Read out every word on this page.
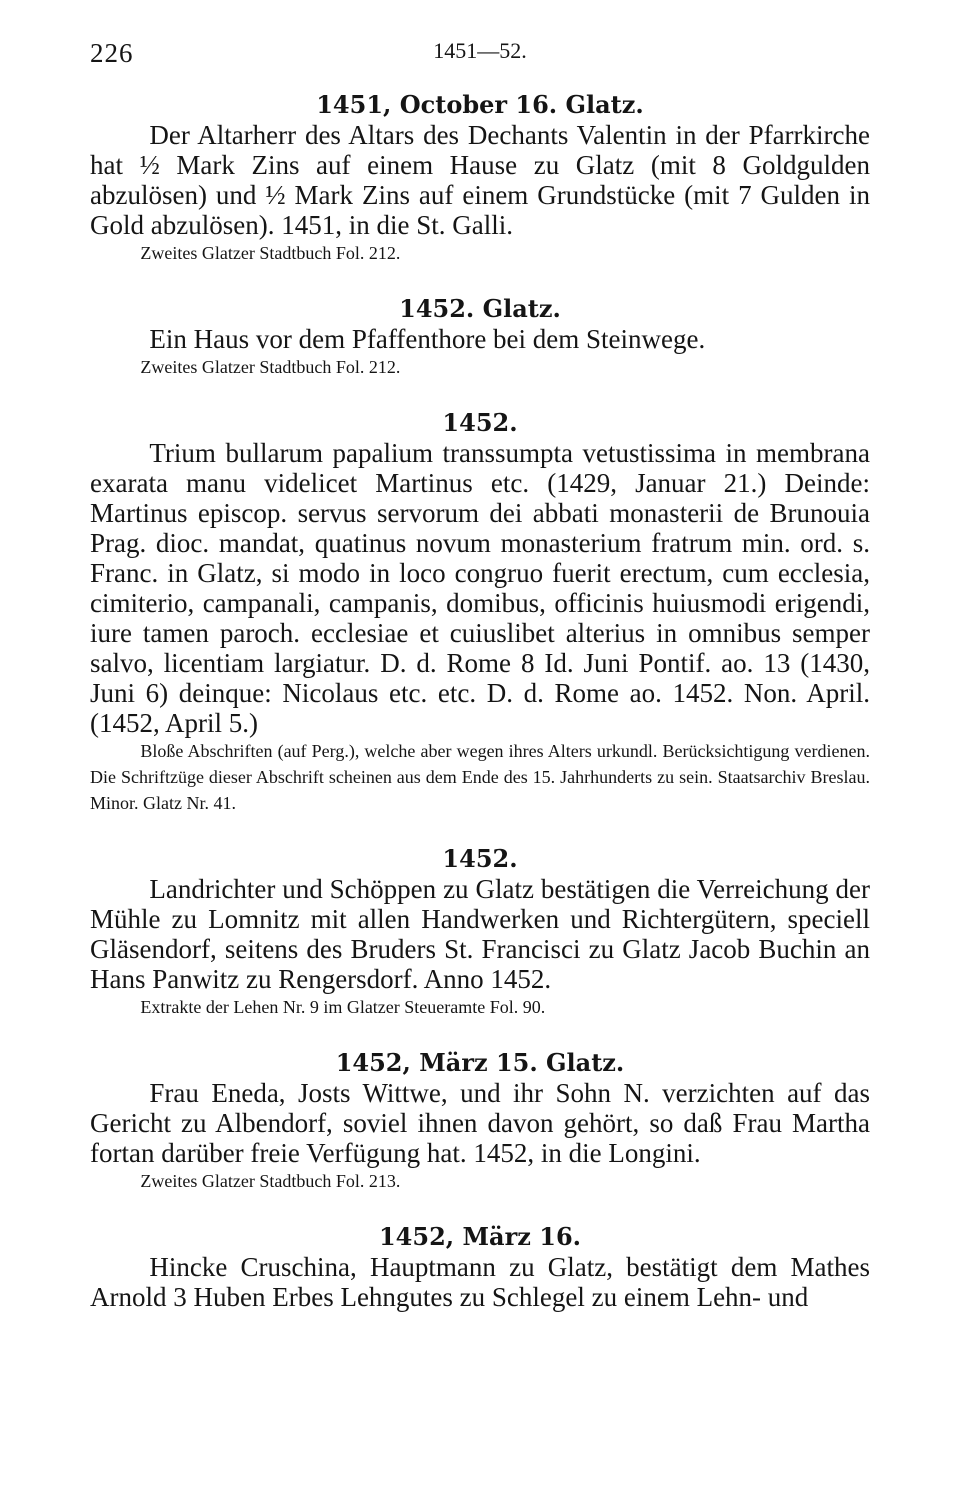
226	1451—52.
1451, October 16. Glatz.

Der Altarherr des Altars des Dechants Valentin in der Pfarrkirche hat ½ Mark Zins auf einem Hause zu Glatz (mit 8 Goldgulden abzulösen) und ½ Mark Zins auf einem Grundstücke (mit 7 Gulden in Gold abzulösen). 1451, in die St. Galli.

Zweites Glatzer Stadtbuch Fol. 212.

1452. Glatz.

Ein Haus vor dem Pfaffenthore bei dem Steinwege.

Zweites Glatzer Stadtbuch Fol. 212.

1452.

Trium bullarum papalium transsumpta vetustissima in membrana exarata manu videlicet Martinus etc. (1429, Januar 21.) Deinde: Martinus episcop. servus servorum dei abbati monasterii de Brunouia Prag. dioc. mandat, quatinus novum monasterium fratrum min. ord. s. Franc. in Glatz, si modo in loco congruo fuerit erectum, cum ecclesia, cimiterio, campanali, campanis, domibus, officinis huiusmodi erigendi, iure tamen paroch. ecclesiae et cuiuslibet alterius in omnibus semper salvo, licentiam largiatur. D. d. Rome 8 Id. Juni Pontif. ao. 13 (1430, Juni 6) deinque: Nicolaus etc. etc. D. d. Rome ao. 1452. Non. April. (1452, April 5.)

Bloße Abschriften (auf Perg.), welche aber wegen ihres Alters urkundl. Berücksichtigung verdienen. Die Schriftzüge dieser Abschrift scheinen aus dem Ende des 15. Jahrhunderts zu sein. Staatsarchiv Breslau. Minor. Glatz Nr. 41.

1452.

Landrichter und Schöppen zu Glatz bestätigen die Verreichung der Mühle zu Lomnitz mit allen Handwerken und Richtergütern, speciell Gläsendorf, seitens des Bruders St. Francisci zu Glatz Jacob Buchin an Hans Panwitz zu Rengersdorf. Anno 1452.

Extrakte der Lehen Nr. 9 im Glatzer Steueramte Fol. 90.

1452, März 15. Glatz.

Frau Eneda, Josts Wittwe, und ihr Sohn N. verzichten auf das Gericht zu Albendorf, soviel ihnen davon gehört, so daß Frau Martha fortan darüber freie Verfügung hat. 1452, in die Longini.

Zweites Glatzer Stadtbuch Fol. 213.

1452, März 16.

Hincke Cruschina, Hauptmann zu Glatz, bestätigt dem Mathes Arnold 3 Huben Erbes Lehngutes zu Schlegel zu einem Lehn- und
